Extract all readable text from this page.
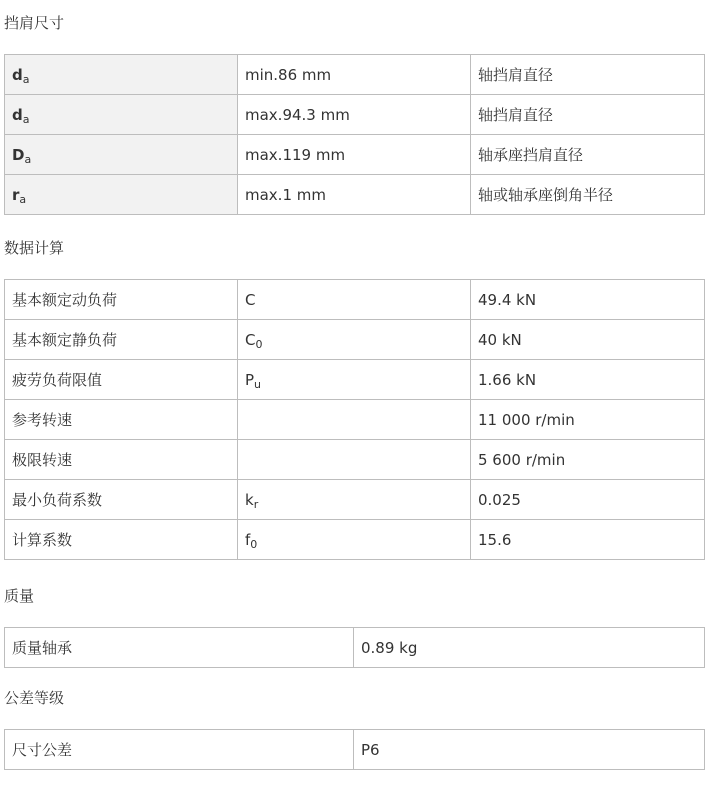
挡肩尺寸
$d_a$	min.86 mm	轴挡肩直径
$d_a$	max.94.3 mm	轴挡肩直径
$D_a$	max.119 mm	轴承座挡肩直径
$r_a$	max.1 mm	轴或轴承座倒角半径
数据计算
基本额定动负荷	C	49.4 kN
基本额定静负荷	$C_0$	40 kN
疲劳负荷限值	$P_u$	1.66 kN
参考转速		11 000 r/min
极限转速		5 600 r/min
最小负荷系数	$k_r$	0.025
计算系数	$f_0$	15.6
质量
质量轴承	0.89 kg
公差等级
尺寸公差	P6
